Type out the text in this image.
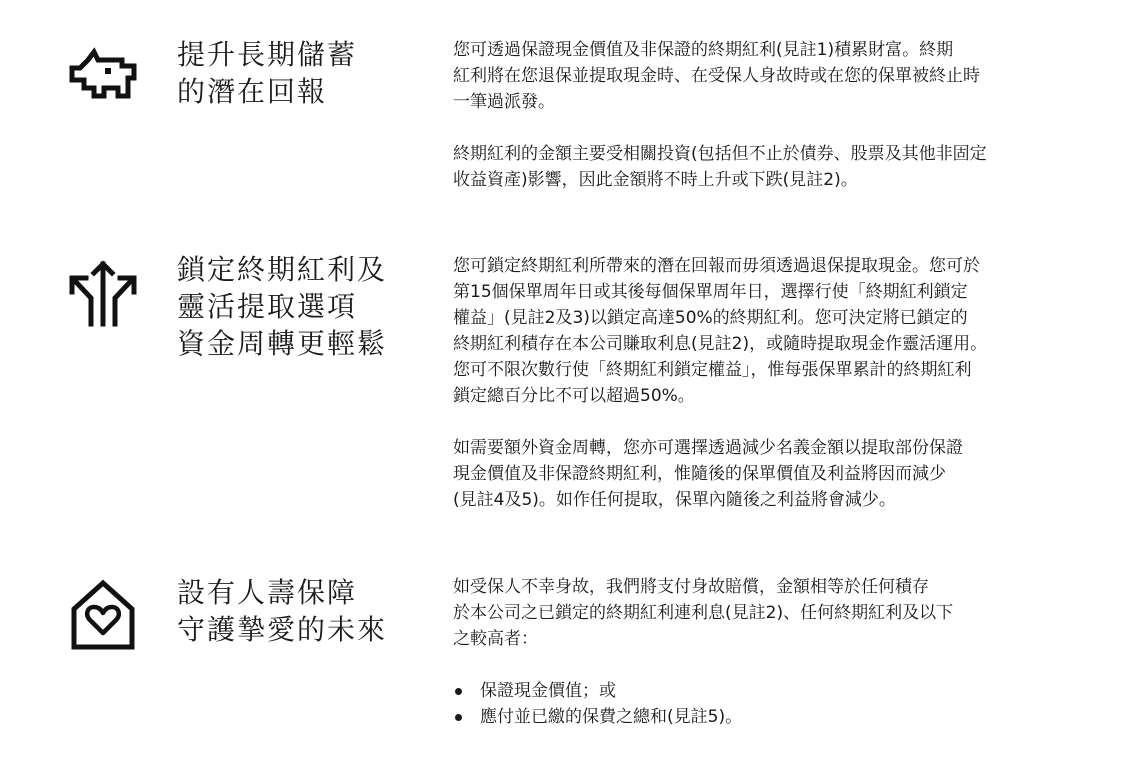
提升長期儲蓄
的潛在回報
您可透過保證現金價值及非保證的終期紅利(見註1)積累財富。終期
紅利將在您退保並提取現金時、在受保人身故時或在您的保單被終止時
一筆過派發。
終期紅利的金額主要受相關投資(包括但不止於債券、股票及其他非固定
收益資產)影響，因此金額將不時上升或下跌(見註2)。
鎖定終期紅利及
靈活提取選項
資金周轉更輕鬆
您可鎖定終期紅利所帶來的潛在回報而毋須透過退保提取現金。您可於
第15個保單周年日或其後每個保單周年日，選擇行使「終期紅利鎖定
權益」(見註2及3)以鎖定高達50%的終期紅利。您可決定將已鎖定的
終期紅利積存在本公司賺取利息(見註2)，或隨時提取現金作靈活運用。
您可不限次數行使「終期紅利鎖定權益」，惟每張保單累計的終期紅利
鎖定總百分比不可以超過50%。
如需要額外資金周轉，您亦可選擇透過減少名義金額以提取部份保證
現金價值及非保證終期紅利，惟隨後的保單價值及利益將因而減少
(見註4及5)。如作任何提取，保單內隨後之利益將會減少。
設有人壽保障
守護摯愛的未來
如受保人不幸身故，我們將支付身故賠償，金額相等於任何積存
於本公司之已鎖定的終期紅利連利息(見註2)、任何終期紅利及以下
之較高者：
保證現金價值；或
應付並已繳的保費之總和(見註5)。
